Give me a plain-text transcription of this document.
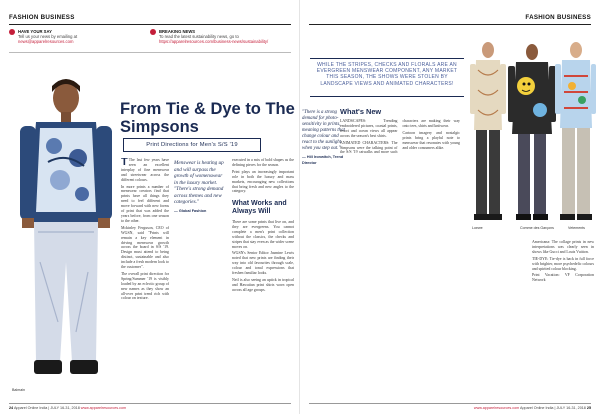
FASHION BUSINESS
HAVE YOUR SAY
Tell us your news by emailing at
news@apparelresources.com
BREAKING NEWS
To read the latest sustainability news, go to
https://apparelresources.com/business-news/sustainability/
Balmain
From Tie & Dye to The Simpsons
Print Directions for Men's S/S '19

T The last few years have seen an excellent interplay of fine menswear and streetwear across the different colours.

In more prints a number of menswear creators find that prints have all things they need to feel different and move forward with new forms of print that was added the years before, from one season to the other.

Mckinley Ferguson, CEO of WGSN, said "Prints will remain a key element in driving menswear growth across the board in S/S '19. Design must attend to being distinct, sustainable and also include a fresh modern look to the customer".

The overall print direction for Spring/Summer '19 is visibly loaded by an eclectic group of new names as they show an all-over print trend rich with colour on texture.

Menswear is heating up and will surpass the growth of womenswear in the luxury market. "There's strong demand across themes and new categories."
— Global Fashion

executed in a mix of bold shapes as the defining pieces for the season.

Print plays an increasingly important role in both the luxury and mass markets, encouraging new collections that bring fresh and new angles to the category.

What Works and Always Will

There are some prints that live on, and they are evergreens. You cannot complete a men's print collection without the classics, the checks and stripes that stay even as the wider scene moves on.

WGSN's Senior Editor Jasmine Lewis noted that new prints are finding their way into old favourites through scale, colour and tonal expressions that freshen familiar looks.

Neil is also seeing an uptick in tropical and Hawaiian print shirts worn open across all age groups.

24 Apparel Online India | JULY 16-31, 2018 www.apparelresources.com
FASHION BUSINESS
"There is a strong demand for photo-sensitivity in prints, meaning patterns that change colour and react to the sunlight when you step out."
— Hill Ironwitch, Trend Director
WHILE THE STRIPES, CHECKS AND FLORALS ARE AN EVERGREEN MENSWEAR COMPONENT, ANY MARKET THIS SEASON, THE SHOWS WERE STOLEN BY LANDSCAPE VIEWS AND ANIMATED CHARACTERS!
What's New

LANDSCAPES: Trending embroidered pictures, coastal prints, resort and ocean views all appear across the season's best shirts.

ANIMATED CHARACTERS: The Simpsons were the talking point of the S/S '19 catwalks and more such characters are making their way onto tees, shirts and knitwear.

Cartoon imagery and nostalgic prints bring a playful note to menswear that resonates with young and older consumers alike.

Loewe	Comme des Garçons	Vetements

Americana: The collage prints in new interpretations was clearly seen in shows like Gucci and Louis Vuitton.

TIE-DYE: Tie-dye is back in full force with brighter, more psychedelic colours and spirited colour blocking.

Print Vacation: VF Corporation Network

www.apparelresources.com Apparel Online India | JULY 16-31, 2018 25
